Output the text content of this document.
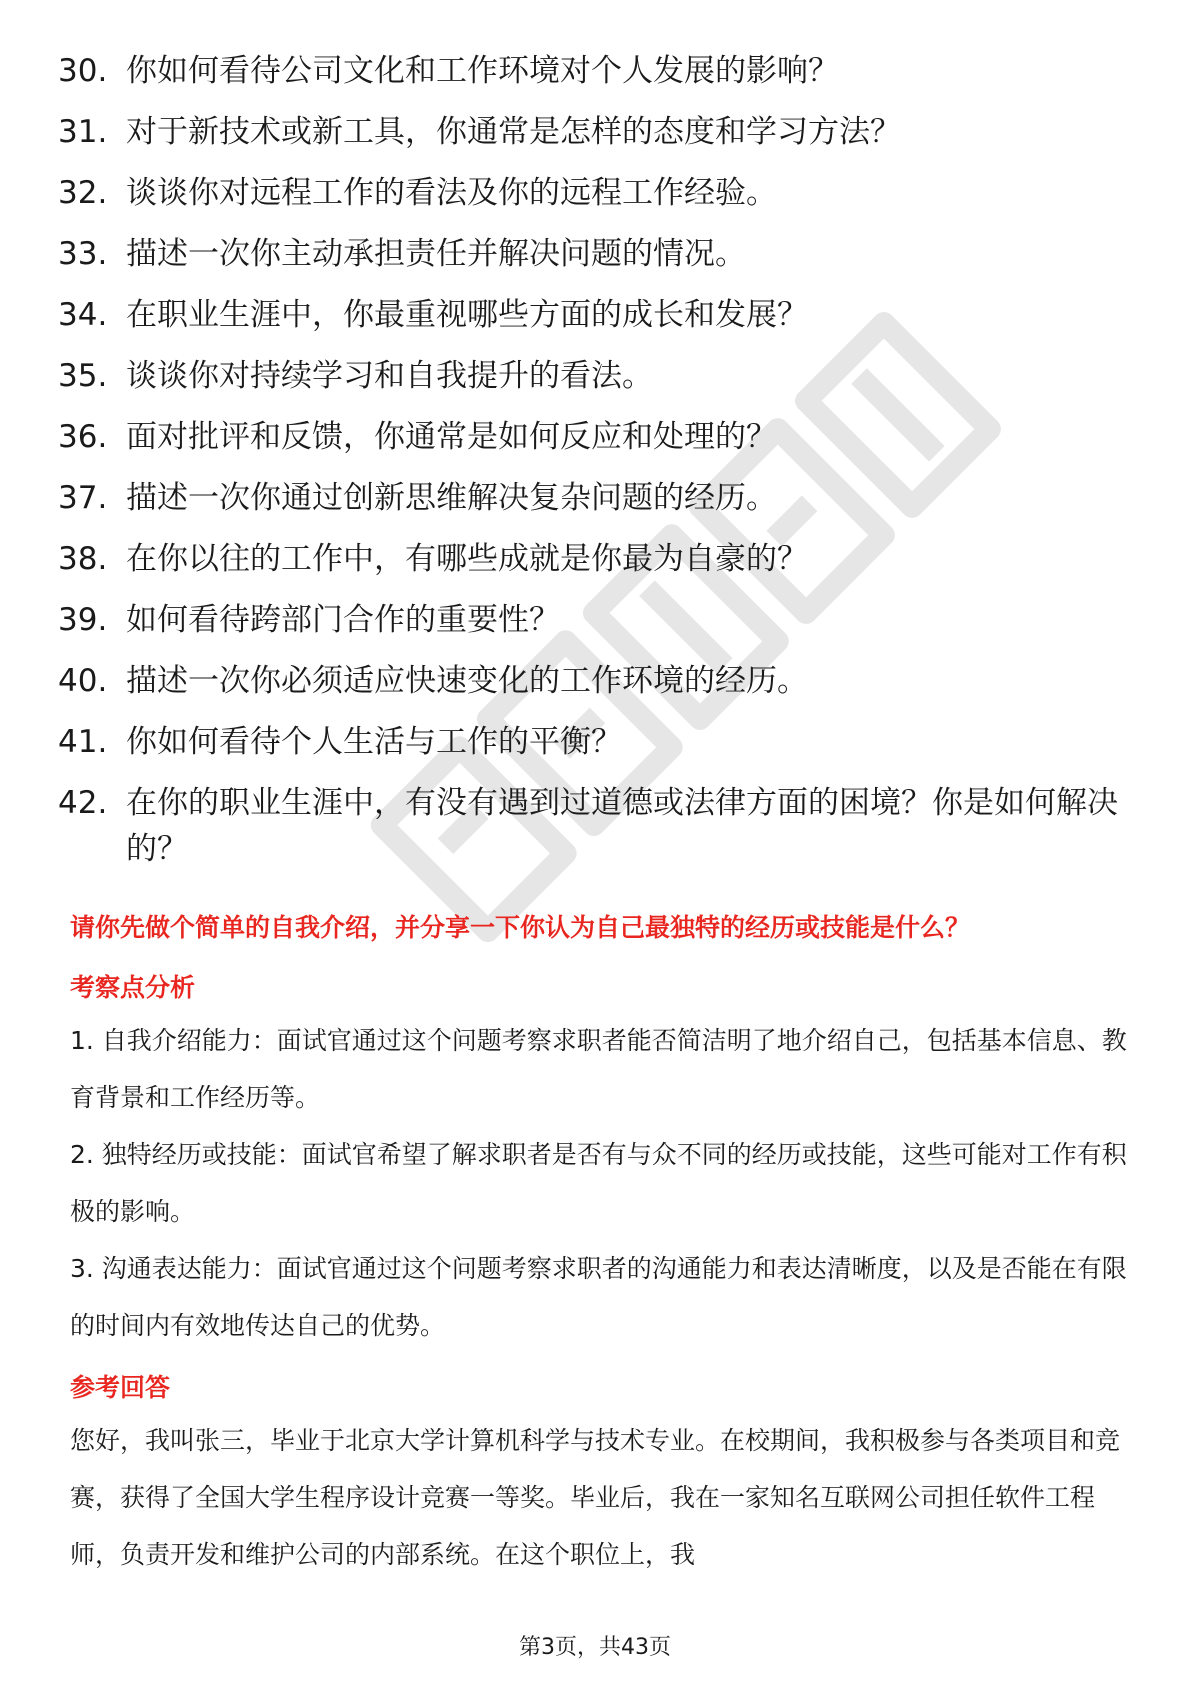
30. 你如何看待公司文化和工作环境对个人发展的影响？
31. 对于新技术或新工具，你通常是怎样的态度和学习方法？
32. 谈谈你对远程工作的看法及你的远程工作经验。
33. 描述一次你主动承担责任并解决问题的情况。
34. 在职业生涯中，你最重视哪些方面的成长和发展？
35. 谈谈你对持续学习和自我提升的看法。
36. 面对批评和反馈，你通常是如何反应和处理的？
37. 描述一次你通过创新思维解决复杂问题的经历。
38. 在你以往的工作中，有哪些成就是你最为自豪的？
39. 如何看待跨部门合作的重要性？
40. 描述一次你必须适应快速变化的工作环境的经历。
41. 你如何看待个人生活与工作的平衡？
42. 在你的职业生涯中，有没有遇到过道德或法律方面的困境？你是如何解决的？

请你先做个简单的自我介绍，并分享一下你认为自己最独特的经历或技能是什么？

考察点分析

1. 自我介绍能力：面试官通过这个问题考察求职者能否简洁明了地介绍自己，包括基本信息、教育背景和工作经历等。

2. 独特经历或技能：面试官希望了解求职者是否有与众不同的经历或技能，这些可能对工作有积极的影响。

3. 沟通表达能力：面试官通过这个问题考察求职者的沟通能力和表达清晰度，以及是否能在有限的时间内有效地传达自己的优势。

参考回答

您好，我叫张三，毕业于北京大学计算机科学与技术专业。在校期间，我积极参与各类项目和竞赛，获得了全国大学生程序设计竞赛一等奖。毕业后，我在一家知名互联网公司担任软件工程师，负责开发和维护公司的内部系统。在这个职位上，我

第3页，共43页
